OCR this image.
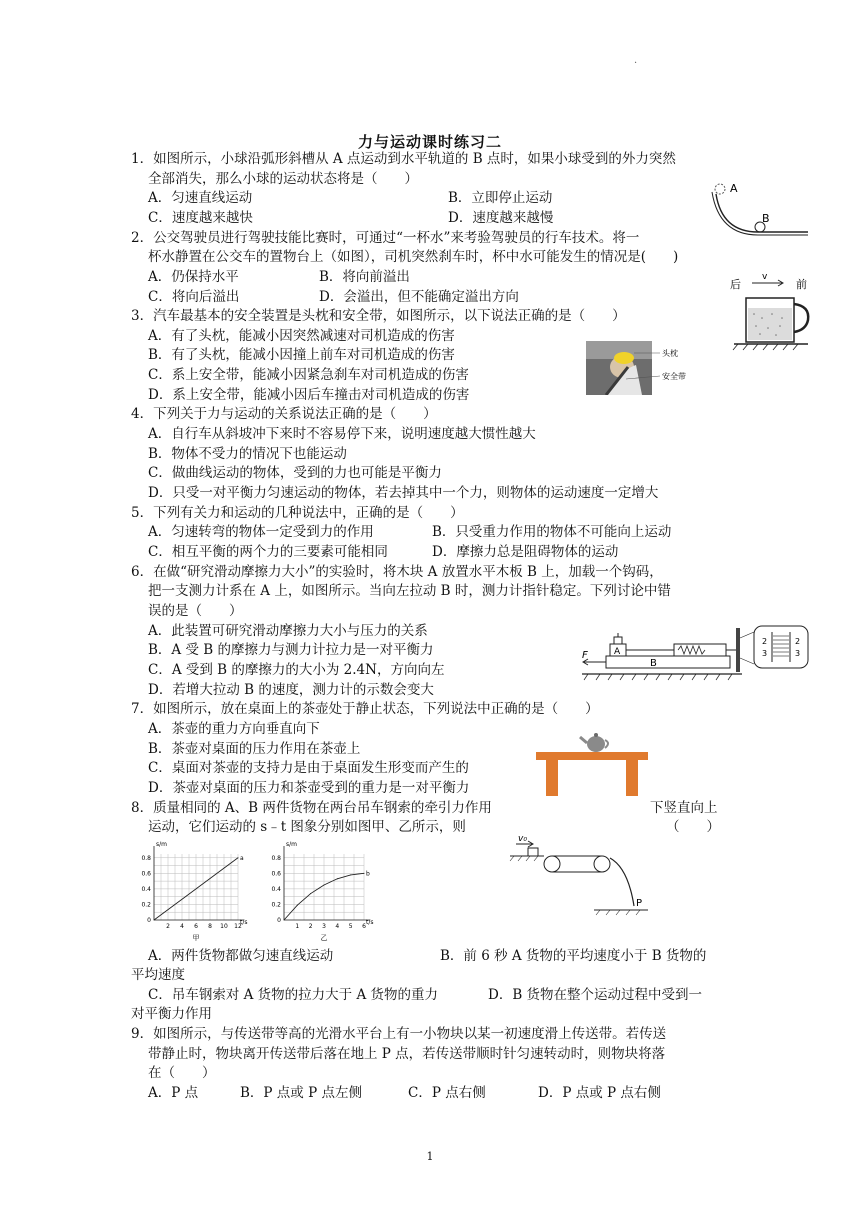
·
力与运动课时练习二
1．如图所示，小球沿弧形斜槽从 A 点运动到水平轨道的 B 点时，如果小球受到的外力突然
全部消失，那么小球的运动状态将是（　　）
A．匀速直线运动	B．立即停止运动
C．速度越来越快	D．速度越来越慢
A
B
2．公交驾驶员进行驾驶技能比赛时，可通过“一杯水”来考验驾驶员的行车技术。将一
杯水静置在公交车的置物台上（如图），司机突然刹车时，杯中水可能发生的情况是(　　)
A．仍保持水平	B．将向前溢出
C．将向后溢出	D．会溢出，但不能确定溢出方向
后	前
v
3．汽车最基本的安全装置是头枕和安全带，如图所示，以下说法正确的是（　　）
A．有了头枕，能减小因突然减速对司机造成的伤害
B．有了头枕，能减小因撞上前车对司机造成的伤害
C．系上安全带，能减小因紧急刹车对司机造成的伤害
D．系上安全带，能减小因后车撞击对司机造成的伤害
头枕
安全带
4．下列关于力与运动的关系说法正确的是（　　）
A．自行车从斜坡冲下来时不容易停下来，说明速度越大惯性越大
B．物体不受力的情况下也能运动
C．做曲线运动的物体，受到的力也可能是平衡力
D．只受一对平衡力匀速运动的物体，若去掉其中一个力，则物体的运动速度一定增大
5．下列有关力和运动的几种说法中，正确的是（　　）
A．匀速转弯的物体一定受到力的作用	B．只受重力作用的物体不可能向上运动
C．相互平衡的两个力的三要素可能相同	D．摩擦力总是阻碍物体的运动
6．在做“研究滑动摩擦力大小”的实验时，将木块 A 放置水平木板 B 上，加载一个钩码，
把一支测力计系在 A 上，如图所示。当向左拉动 B 时，测力计指针稳定。下列讨论中错
误的是（　　）
A．此装置可研究滑动摩擦力大小与压力的关系
B．A 受 B 的摩擦力与测力计拉力是一对平衡力
C．A 受到 B 的摩擦力的大小为 2.4N，方向向左
D．若增大拉动 B 的速度，测力计的示数会变大
B
A
F
2
3
2
3
7．如图所示，放在桌面上的茶壶处于静止状态，下列说法中正确的是（　　）
A．茶壶的重力方向垂直向下
B．茶壶对桌面的压力作用在茶壶上
C．桌面对茶壶的支持力是由于桌面发生形变而产生的
D．茶壶对桌面的压力和茶壶受到的重力是一对平衡力
8．质量相同的 A、B 两件货物在两台吊车钢索的牵引力作用	下竖直向上
运动，它们运动的 s﹣t 图象分别如图甲、乙所示，则	（　　）
s/m
t/s
0
0.2
0.4
0.6
0.8
2 4 6 8 10 12
甲
a
s/m
t/s
0
0.2
0.4
0.6
0.8
1 2 3 4 5 6
乙
b
v₀
P
A．两件货物都做匀速直线运动	B．前 6 秒 A 货物的平均速度小于 B 货物的
平均速度
C．吊车钢索对 A 货物的拉力大于 A 货物的重力	D．B 货物在整个运动过程中受到一
对平衡力作用
9．如图所示，与传送带等高的光滑水平台上有一小物块以某一初速度滑上传送带。若传送
带静止时，物块离开传送带后落在地上 P 点，若传送带顺时针匀速转动时，则物块将落
在（　　）
A．P 点	B．P 点或 P 点左侧	C．P 点右侧	D．P 点或 P 点右侧
1
